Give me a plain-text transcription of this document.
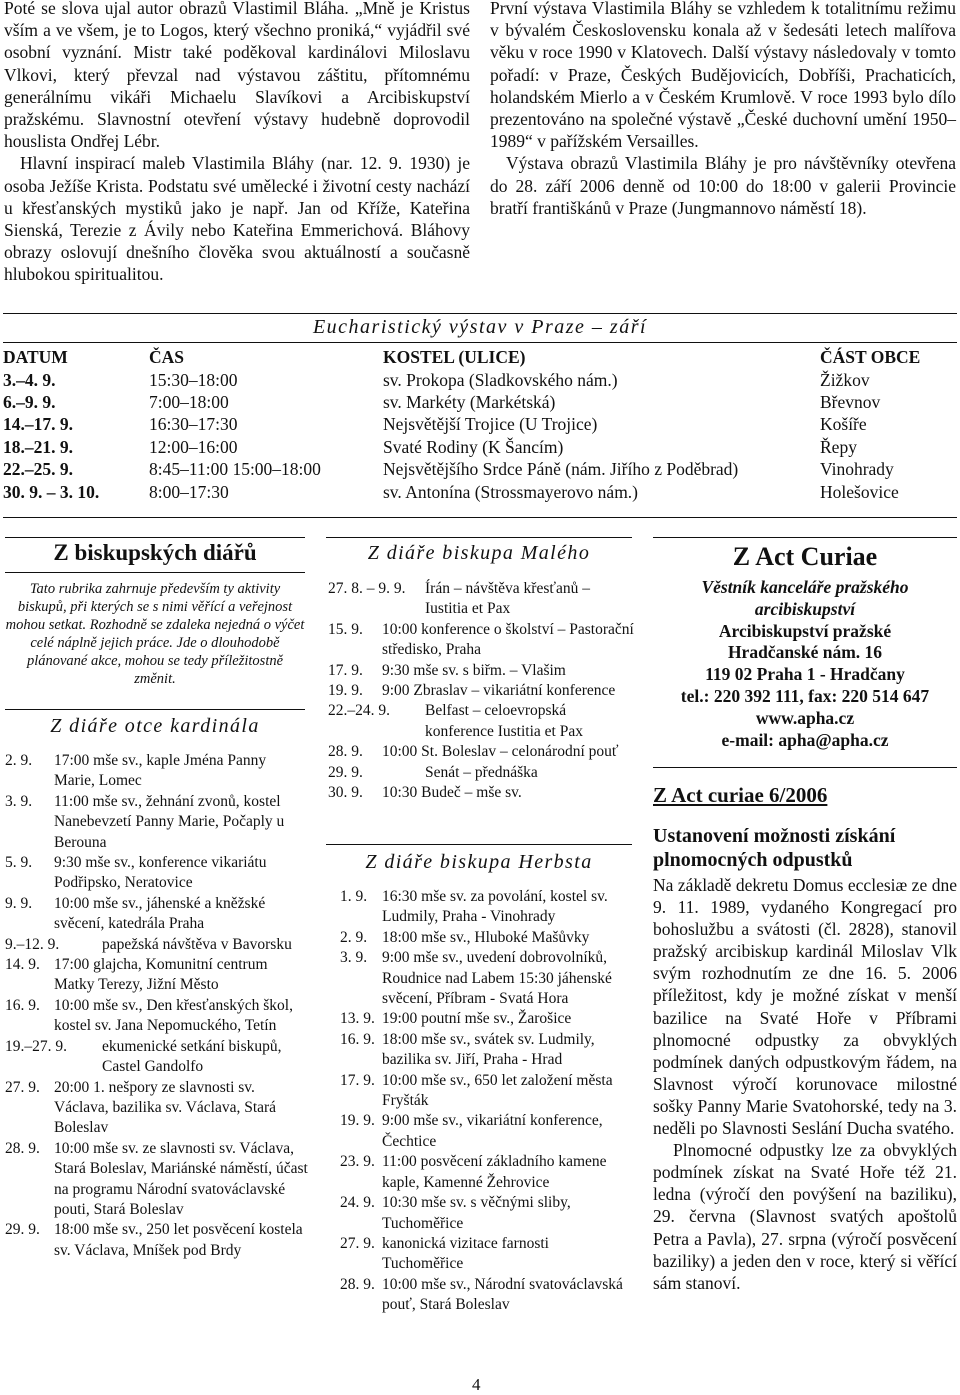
Poté se slova ujal autor obrazů Vlastimil Bláha. „Mně je Kristus vším a ve všem, je to Logos, který všechno proniká,“ vyjádřil své osobní vyznání. Mistr také poděkoval kardinálovi Miloslavu Vlkovi, který převzal nad výstavou záštitu, přítomnému generálnímu vikáři Michaelu Slavíkovi a Arcibiskupství pražskému. Slavnostní otevření výstavy hudebně doprovodil houslista Ondřej Lébr.

Hlavní inspirací maleb Vlastimila Bláhy (nar. 12. 9. 1930) je osoba Ježíše Krista. Podstatu své umělecké i životní cesty nachází u křesťanských mystiků jako je např. Jan od Kříže, Kateřina Sienská, Terezie z Ávily nebo Kateřina Emmerichová. Bláhovy obrazy oslovují dnešního člověka svou aktuálností a současně hlubokou spiritualitou.

První výstava Vlastimila Bláhy se vzhledem k totalitnímu režimu v bývalém Československu konala až v šedesáti letech malířova věku v roce 1990 v Klatovech. Další výstavy následovaly v tomto pořadí: v Praze, Českých Budějovicích, Dobříši, Prachaticích, holandském Mierlo a v Českém Krumlově. V roce 1993 bylo dílo prezentováno na společné výstavě „České duchovní umění 1950–1989“ v pařížském Versailles.

Výstava obrazů Vlastimila Bláhy je pro návštěvníky otevřena do 28. září 2006 denně od 10:00 do 18:00 v galerii Provincie bratří františkánů v Praze (Jungmannovo náměstí 18).

Eucharistický výstav v Praze – září
DATUM	ČAS	KOSTEL (ULICE)	ČÁST OBCE
3.–4. 9.	15:30–18:00	sv. Prokopa (Sladkovského nám.)	Žižkov
6.–9. 9.	7:00–18:00	sv. Markéty (Markétská)	Břevnov
14.–17. 9.	16:30–17:30	Nejsvětější Trojice (U Trojice)	Košíře
18.–21. 9.	12:00–16:00	Svaté Rodiny (K Šancím)	Řepy
22.–25. 9.	8:45–11:00 15:00–18:00	Nejsvětějšího Srdce Páně (nám. Jiřího z Poděbrad)	Vinohrady
30. 9. – 3. 10.	8:00–17:30	sv. Antonína (Strossmayerovo nám.)	Holešovice
Z biskupských diářů
Tato rubrika zahrnuje především ty aktivity biskupů, při kterých se s nimi věřící a veřejnost mohou setkat. Rozhodně se zdaleka nejedná o výčet celé náplně jejich práce. Jde o dlouhodobě plánované akce, mohou se tedy příležitostně změnit.
Z diáře otce kardinála
2. 9.	17:00 mše sv., kaple Jména Panny Marie, Lomec
3. 9.	11:00 mše sv., žehnání zvonů, kostel Nanebevzetí Panny Marie, Počaply u Berouna
5. 9.	9:30 mše sv., konference vikariátu Podřipsko, Neratovice
9. 9.	10:00 mše sv., jáhenské a kněžské svěcení, katedrála Praha
9.–12. 9.	papežská návštěva v Bavorsku
14. 9. 17:00 glajcha, Komunitní centrum Matky Terezy, Jižní Město
16. 9. 10:00 mše sv., Den křesťanských škol, kostel sv. Jana Nepomuckého, Tetín
19.–27. 9.	ekumenické setkání biskupů, Castel Gandolfo
27. 9. 20:00 1. nešpory ze slavnosti sv. Václava, bazilika sv. Václava, Stará Boleslav
28. 9. 10:00 mše sv. ze slavnosti sv. Václava, Stará Boleslav, Mariánské náměstí, účast na programu Národní svatováclavské pouti, Stará Boleslav
29. 9. 18:00 mše sv., 250 let posvěcení kostela sv. Václava, Mníšek pod Brdy
Z diáře biskupa Malého
27. 8. – 9. 9.	Írán – návštěva křesťanů – Iustitia et Pax
15. 9.	10:00 konference o školství – Pastorační středisko, Praha
17. 9.	9:30 mše sv. s biřm. – Vlašim
19. 9.	9:00 Zbraslav – vikariátní konference
22.–24. 9.	Belfast – celoevropská konference Iustitia et Pax
28. 9.	10:00 St. Boleslav – celonárodní pouť
29. 9.	Senát – přednáška
30. 9.	10:30 Budeč – mše sv.
Z diáře biskupa Herbsta
1. 9. 16:30 mše sv. za povolání, kostel sv. Ludmily, Praha - Vinohrady
2. 9. 18:00 mše sv., Hluboké Mašůvky
3. 9. 9:00 mše sv., uvedení dobrovolníků, Roudnice nad Labem 15:30 jáhenské svěcení, Příbram - Svatá Hora
13. 9. 19:00 poutní mše sv., Žarošice
16. 9. 18:00 mše sv., svátek sv. Ludmily, bazilika sv. Jiří, Praha - Hrad
17. 9. 10:00 mše sv., 650 let založení města Fryšták
19. 9. 9:00 mše sv., vikariátní konference, Čechtice
23. 9. 11:00 posvěcení základního kamene kaple, Kamenné Žehrovice
24. 9. 10:30 mše sv. s věčnými sliby, Tuchoměřice
27. 9. kanonická vizitace farnosti Tuchoměřice
28. 9. 10:00 mše sv., Národní svatováclavská pouť, Stará Boleslav
Z Act Curiae
Věstník kanceláře pražského arcibiskupství
Arcibiskupství pražské
Hradčanské nám. 16
119 02 Praha 1 - Hradčany
tel.: 220 392 111, fax: 220 514 647
www.apha.cz
e-mail: apha@apha.cz
Z Act curiae 6/2006
Ustanovení možnosti získání plnomocných odpustků

Na základě dekretu Domus ecclesiæ ze dne 9. 11. 1989, vydaného Kongregací pro bohoslužbu a svátosti (čl. 2828), stanovil pražský arcibiskup kardinál Miloslav Vlk svým rozhodnutím ze dne 16. 5. 2006 příležitost, kdy je možné získat v menší bazilice na Svaté Hoře v Příbrami plnomocné odpustky za obvyklých podmínek daných odpustkovým řádem, na Slavnost výročí korunovace milostné sošky Panny Marie Svatohorské, tedy na 3. neděli po Slavnosti Seslání Ducha svatého.

Plnomocné odpustky lze za obvyklých podmínek získat na Svaté Hoře též 21. ledna (výročí den povýšení na baziliku), 29. června (Slavnost svatých apoštolů Petra a Pavla), 27. srpna (výročí posvěcení baziliky) a jeden den v roce, který si věřící sám stanoví.

4
